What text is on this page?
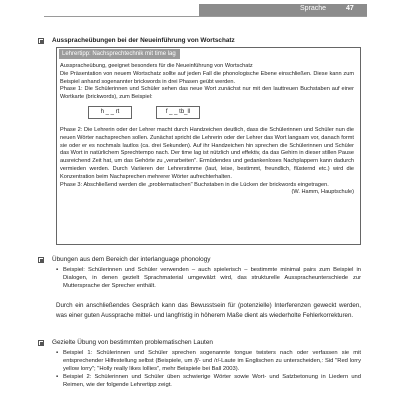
Sprache	47
Ausspracheübungen bei der Neueinführung von Wortschatz
Lehrertipp: Nachsprechtechnik mit time lag

Ausspracheübung, geeignet besonders für die Neueinführung von Wortschatz

Die Präsentation von neuem Wortschatz sollte auf jeden Fall die phonologische Ebene einschließen. Diese kann zum Beispiel anhand sogenannter brickwords in drei Phasen geübt werden.

Phase 1: Die Schülerinnen und Schüler sehen das neue Wort zunächst nur mit den lauttreuen Buchstaben auf einer Wortkarte (brickwords), zum Beispiel:

h _ _ rt	f _ _ tb_ll

Phase 2: Die Lehrerin oder der Lehrer macht durch Handzeichen deutlich, dass die Schülerinnen und Schüler nun die neuen Wörter nachsprechen sollen. Zunächst spricht die Lehrerin oder der Lehrer das Wort langsam vor, danach formt sie oder er es nochmals lautlos (ca. drei Sekunden). Auf ihr Handzeichen hin sprechen die Schülerinnen und Schüler das Wort in natürlichem Sprechtempo nach. Der time lag ist nützlich und effektiv, da das Gehirn in dieser stillen Pause ausreichend Zeit hat, um das Gehörte zu „verarbeiten". Ermüdendes und gedankenloses Nachplappern kann dadurch vermieden werden. Durch Variieren der Lehrerstimme (laut, leise, bestimmt, freundlich, flüsternd etc.) wird die Konzentration beim Nachsprechen mehrerer Wörter aufrechterhalten.

Phase 3: Abschließend werden die „problematischen" Buchstaben in die Lücken der brickwords eingetragen.

(W. Hamm, Hauptschule)

Übungen aus dem Bereich der interlanguage phonology
▪ Beispiel: Schülerinnen und Schüler verwenden – auch spielerisch – bestimmte minimal pairs zum Beispiel in Dialogen, in denen gezielt Sprachmaterial umgewälzt wird, das strukturelle Ausspracheunterschiede zur Muttersprache der Sprecher enthält.
Durch ein anschließendes Gespräch kann das Bewusstsein für (potenzielle) Interferenzen geweckt werden, was einer guten Aussprache mittel- und langfristig in höherem Maße dient als wiederholte Fehlerkorrekturen.
Gezielte Übung von bestimmten problematischen Lauten
▪ Beispiel 1: Schülerinnen und Schüler sprechen sogenannte tongue twisters nach oder verfassen sie mit entsprechender Hilfestellung selbst (Beispiele, um /ʃ/- und /r/-Laute im Englischen zu unterscheiden,: Sid "Red lorry yellow lorry"; "Holly really likes lollies", mehr Beispiele bei Ball 2003).
▪ Beispiel 2: Schülerinnen und Schüler üben schwierige Wörter sowie Wort- und Satzbetonung in Liedern und Reimen, wie der folgende Lehrertipp zeigt.
